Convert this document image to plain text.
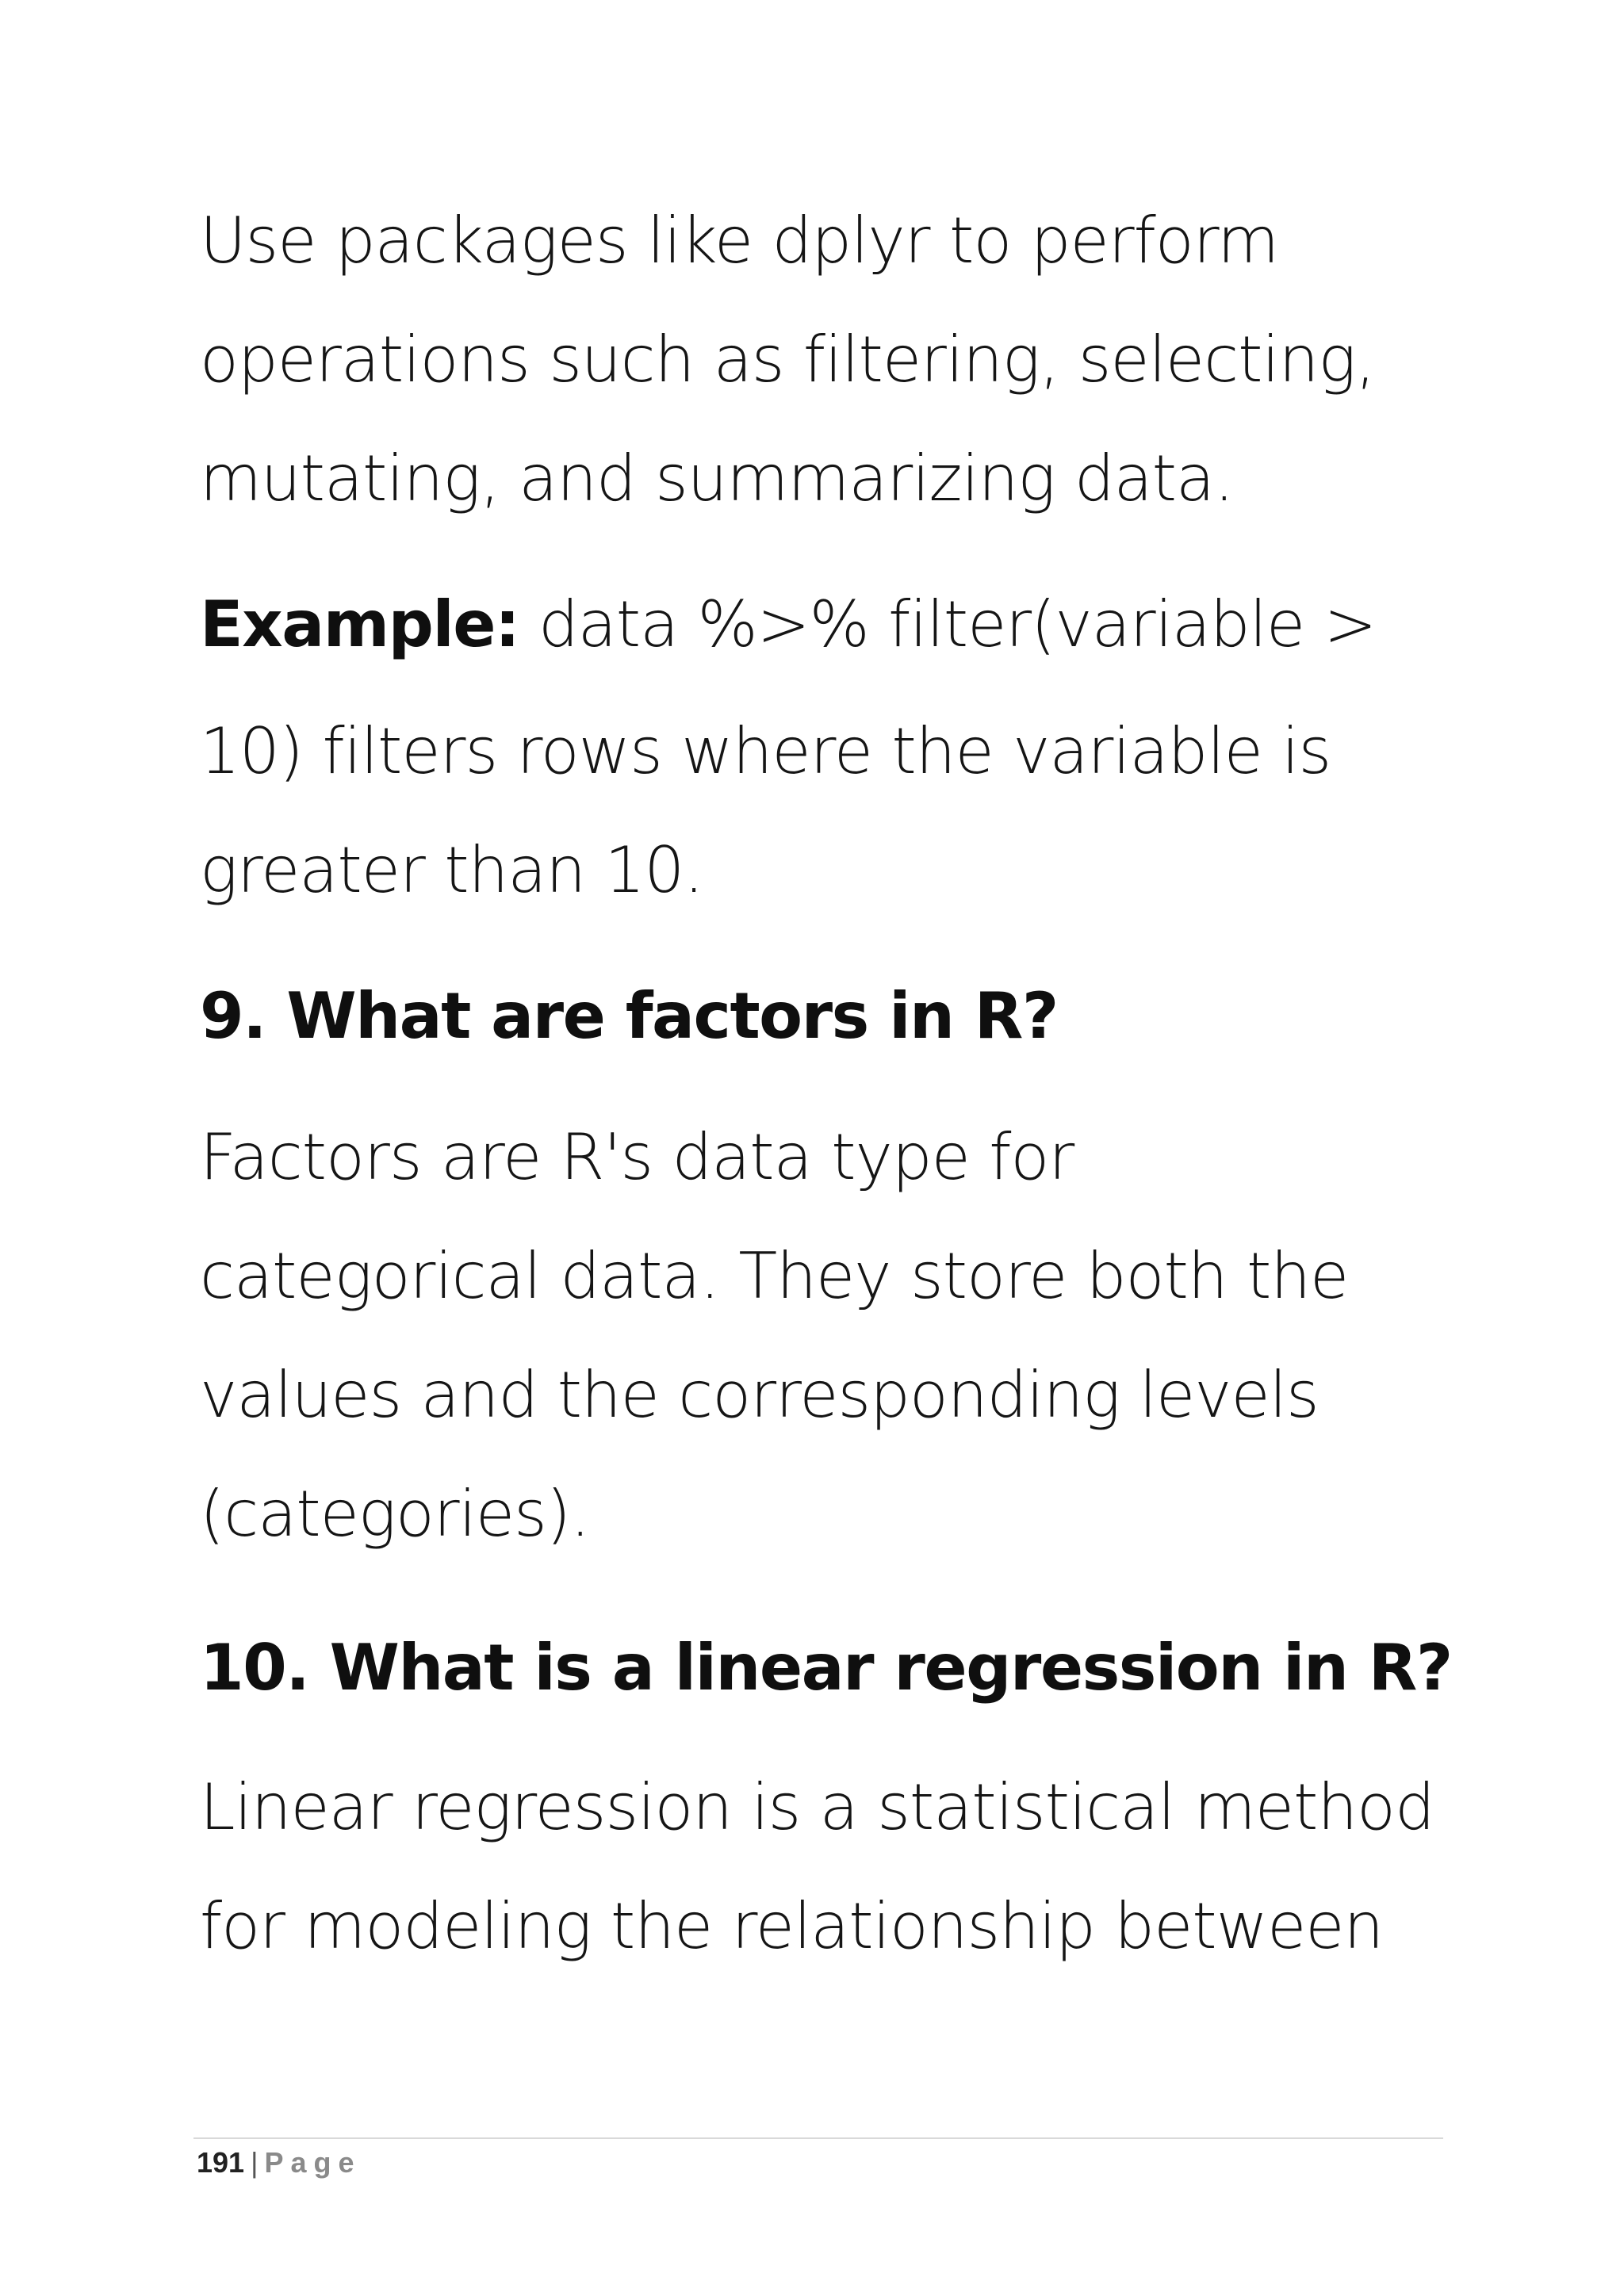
Use packages like dplyr to perform
operations such as filtering, selecting,
mutating, and summarizing data.
Example: data %>% filter(variable >
10) filters rows where the variable is
greater than 10.
9. What are factors in R?
Factors are R's data type for
categorical data. They store both the
values and the corresponding levels
(categories).
10. What is a linear regression in R?
Linear regression is a statistical method
for modeling the relationship between
191 | Page
